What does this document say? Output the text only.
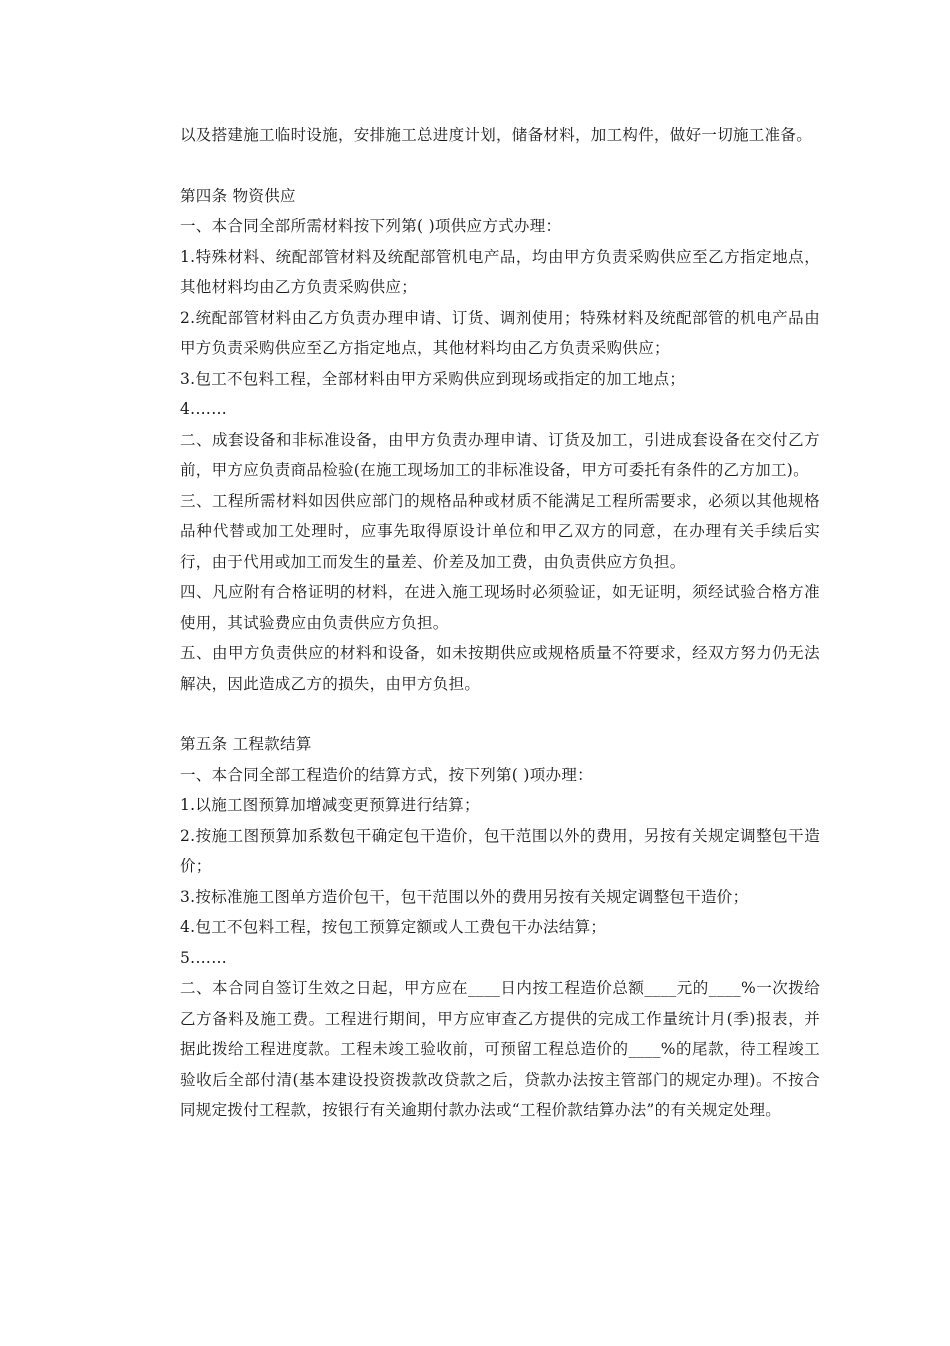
以及搭建施工临时设施，安排施工总进度计划，储备材料，加工构件，做好一切施工准备。

第四条 物资供应

一、本合同全部所需材料按下列第( )项供应方式办理：

1.特殊材料、统配部管材料及统配部管机电产品，均由甲方负责采购供应至乙方指定地点，其他材料均由乙方负责采购供应；

2.统配部管材料由乙方负责办理申请、订货、调剂使用；特殊材料及统配部管的机电产品由甲方负责采购供应至乙方指定地点，其他材料均由乙方负责采购供应；

3.包工不包料工程，全部材料由甲方采购供应到现场或指定的加工地点；

4.……

二、成套设备和非标准设备，由甲方负责办理申请、订货及加工，引进成套设备在交付乙方前，甲方应负责商品检验(在施工现场加工的非标准设备，甲方可委托有条件的乙方加工)。

三、工程所需材料如因供应部门的规格品种或材质不能满足工程所需要求，必须以其他规格品种代替或加工处理时，应事先取得原设计单位和甲乙双方的同意，在办理有关手续后实行，由于代用或加工而发生的量差、价差及加工费，由负责供应方负担。

四、凡应附有合格证明的材料，在进入施工现场时必须验证，如无证明，须经试验合格方准使用，其试验费应由负责供应方负担。

五、由甲方负责供应的材料和设备，如未按期供应或规格质量不符要求，经双方努力仍无法解决，因此造成乙方的损失，由甲方负担。

第五条 工程款结算

一、本合同全部工程造价的结算方式，按下列第( )项办理：

1.以施工图预算加增减变更预算进行结算；

2.按施工图预算加系数包干确定包干造价，包干范围以外的费用，另按有关规定调整包干造价；

3.按标准施工图单方造价包干，包干范围以外的费用另按有关规定调整包干造价；

4.包工不包料工程，按包工预算定额或人工费包干办法结算；

5.……

二、本合同自签订生效之日起，甲方应在____日内按工程造价总额____元的____%一次拨给乙方备料及施工费。工程进行期间，甲方应审查乙方提供的完成工作量统计月(季)报表，并据此拨给工程进度款。工程未竣工验收前，可预留工程总造价的____%的尾款，待工程竣工验收后全部付清(基本建设投资拨款改贷款之后，贷款办法按主管部门的规定办理)。不按合同规定拨付工程款，按银行有关逾期付款办法或“工程价款结算办法”的有关规定处理。
